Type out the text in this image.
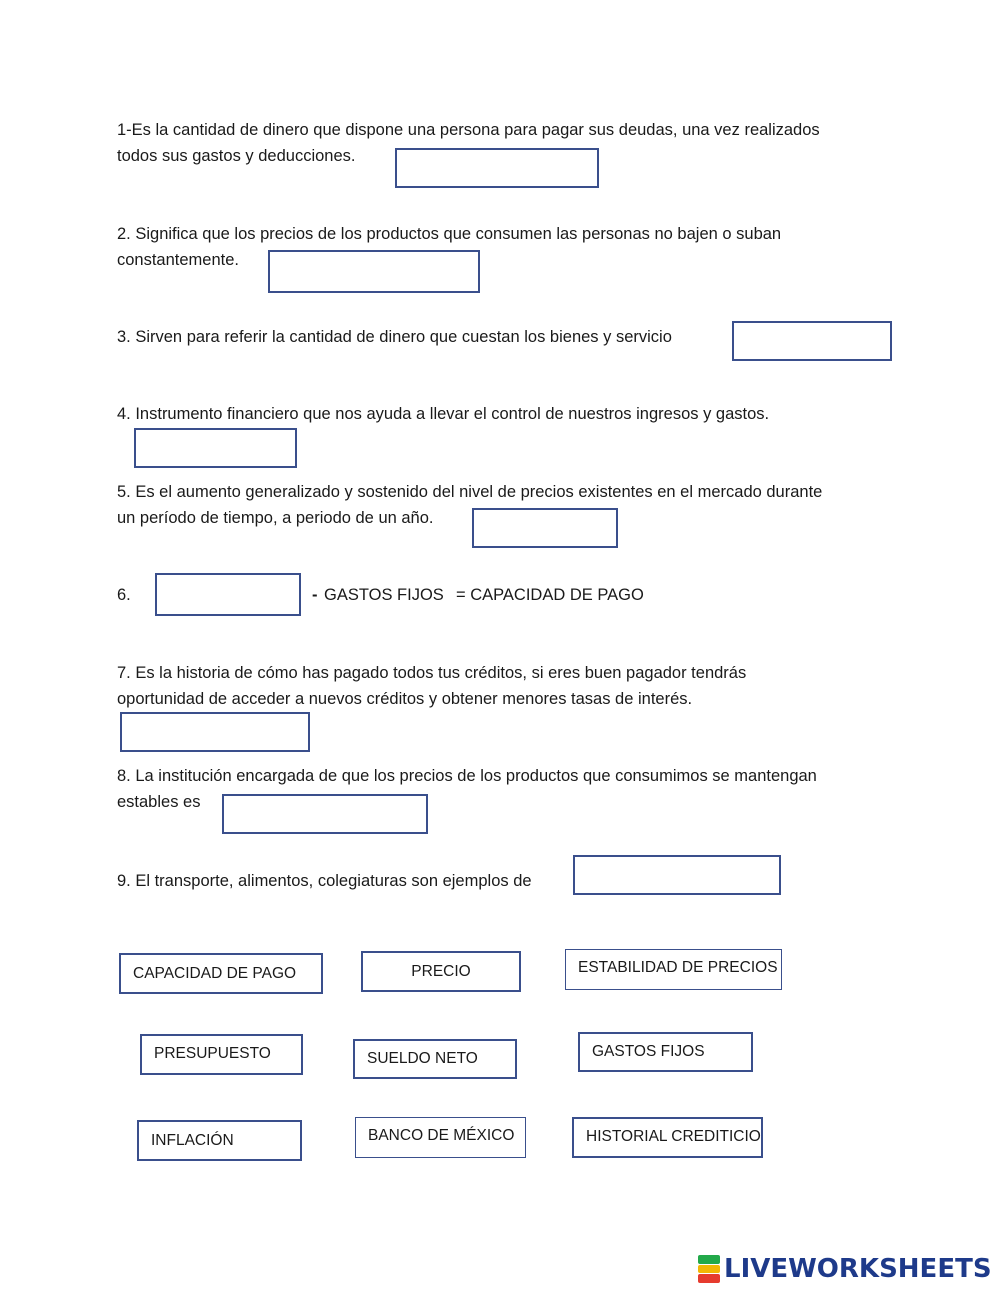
1-Es la cantidad de dinero que dispone una persona para pagar sus deudas, una vez realizados

todos sus gastos y deducciones.

2. Significa que los precios de los productos que consumen las personas no bajen o suban

constantemente.

3. Sirven para referir la cantidad de dinero que cuestan los bienes y servicio

4. Instrumento financiero que nos ayuda a llevar el control de nuestros ingresos y gastos.

5. Es el aumento generalizado y sostenido del nivel de precios existentes en el mercado durante

un período de tiempo, a periodo de un año.

6.	- GASTOS FIJOS = CAPACIDAD DE PAGO

7. Es la historia de cómo has pagado todos tus créditos, si eres buen pagador tendrás

oportunidad de acceder a nuevos créditos y obtener menores tasas de interés.

8. La institución encargada de que los precios de los productos que consumimos se mantengan

estables es

9. El transporte, alimentos, colegiaturas son ejemplos de

CAPACIDAD DE PAGO	PRECIO	ESTABILIDAD DE PRECIOS
PRESUPUESTO	SUELDO NETO	GASTOS FIJOS
INFLACIÓN	BANCO DE MÉXICO	HISTORIAL CREDITICIO
LIVEWORKSHEETS
